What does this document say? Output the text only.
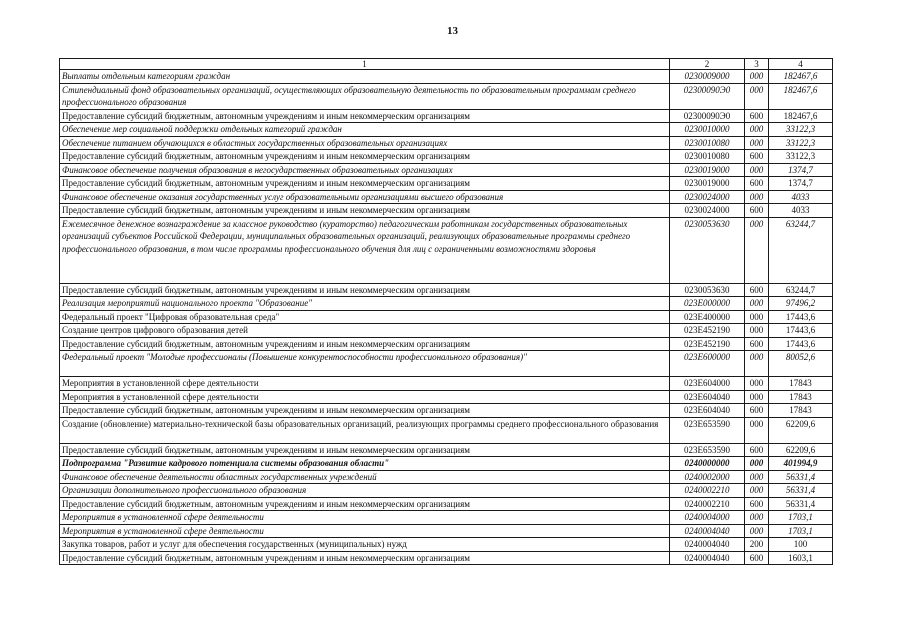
13
1	2	3	4
Выплаты отдельным категориям граждан	0230009000	000	182467,6
Стипендиальный фонд образовательных организаций, осуществляющих образовательную деятельность по образовательным программам среднего профессионального образования	02300090Э0	000	182467,6
Предоставление субсидий бюджетным, автономным учреждениям и иным некоммерческим организациям	02300090Э0	600	182467,6
Обеспечение мер социальной поддержки отдельных категорий граждан	0230010000	000	33122,3
Обеспечение питанием обучающихся в областных государственных образовательных организациях	0230010080	000	33122,3
Предоставление субсидий бюджетным, автономным учреждениям и иным некоммерческим организациям	0230010080	600	33122,3
Финансовое обеспечение получения образования в негосударственных образовательных организациях	0230019000	000	1374,7
Предоставление субсидий бюджетным, автономным учреждениям и иным некоммерческим организациям	0230019000	600	1374,7
Финансовое обеспечение оказания государственных услуг образовательными организациями высшего образования	0230024000	000	4033
Предоставление субсидий бюджетным, автономным учреждениям и иным некоммерческим организациям	0230024000	600	4033
Ежемесячное денежное вознаграждение за классное руководство (кураторство) педагогическим работникам государственных образовательных организаций субъектов Российской Федерации, муниципальных образовательных организаций, реализующих образовательные программы среднего профессионального образования, в том числе программы профессионального обучения для лиц с ограниченными возможностями здоровья	0230053630	000	63244,7
Предоставление субсидий бюджетным, автономным учреждениям и иным некоммерческим организациям	0230053630	600	63244,7
Реализация мероприятий национального проекта "Образование"	023E000000	000	97496,2
Федеральный проект "Цифровая образовательная среда"	023E400000	000	17443,6
Создание центров цифрового образования детей	023E452190	000	17443,6
Предоставление субсидий бюджетным, автономным учреждениям и иным некоммерческим организациям	023E452190	600	17443,6
Федеральный проект "Молодые профессионалы (Повышение конкурентоспособности профессионального образования)"	023E600000	000	80052,6
Мероприятия в установленной сфере деятельности	023E604000	000	17843
Мероприятия в установленной сфере деятельности	023E604040	000	17843
Предоставление субсидий бюджетным, автономным учреждениям и иным некоммерческим организациям	023E604040	600	17843
Создание (обновление) материально-технической базы образовательных организаций, реализующих программы среднего профессионального образования	023E653590	000	62209,6
Предоставление субсидий бюджетным, автономным учреждениям и иным некоммерческим организациям	023E653590	600	62209,6
Подпрограмма "Развитие кадрового потенциала системы образования области"	0240000000	000	401994,9
Финансовое обеспечение деятельности областных государственных учреждений	0240002000	000	56331,4
Организации дополнительного профессионального образования	0240002210	000	56331,4
Предоставление субсидий бюджетным, автономным учреждениям и иным некоммерческим организациям	0240002210	600	56331,4
Мероприятия в установленной сфере деятельности	0240004000	000	1703,1
Мероприятия в установленной сфере деятельности	0240004040	000	1703,1
Закупка товаров, работ и услуг для обеспечения государственных (муниципальных) нужд	0240004040	200	100
Предоставление субсидий бюджетным, автономным учреждениям и иным некоммерческим организациям	0240004040	600	1603,1
